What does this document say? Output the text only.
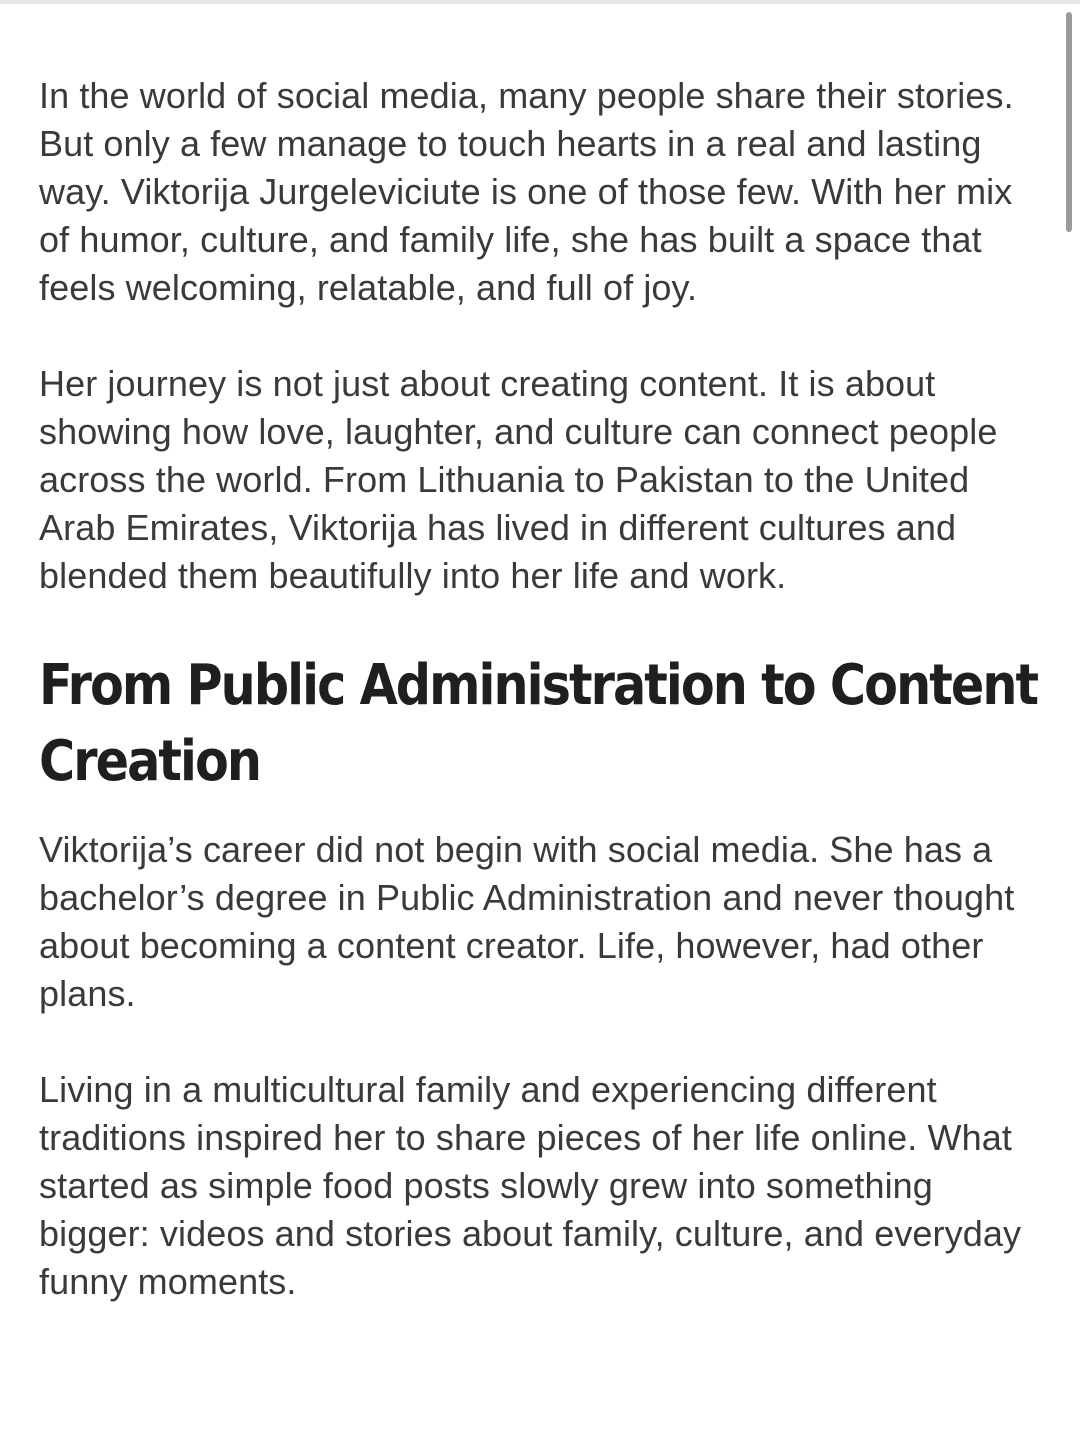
In the world of social media, many people share their stories. But only a few manage to touch hearts in a real and lasting way. Viktorija Jurgeleviciute is one of those few. With her mix of humor, culture, and family life, she has built a space that feels welcoming, relatable, and full of joy.

Her journey is not just about creating content. It is about showing how love, laughter, and culture can connect people across the world. From Lithuania to Pakistan to the United Arab Emirates, Viktorija has lived in different cultures and blended them beautifully into her life and work.

From Public Administration to Content Creation

Viktorija’s career did not begin with social media. She has a bachelor’s degree in Public Administration and never thought about becoming a content creator. Life, however, had other plans.

Living in a multicultural family and experiencing different traditions inspired her to share pieces of her life online. What started as simple food posts slowly grew into something bigger: videos and stories about family, culture, and everyday funny moments.
